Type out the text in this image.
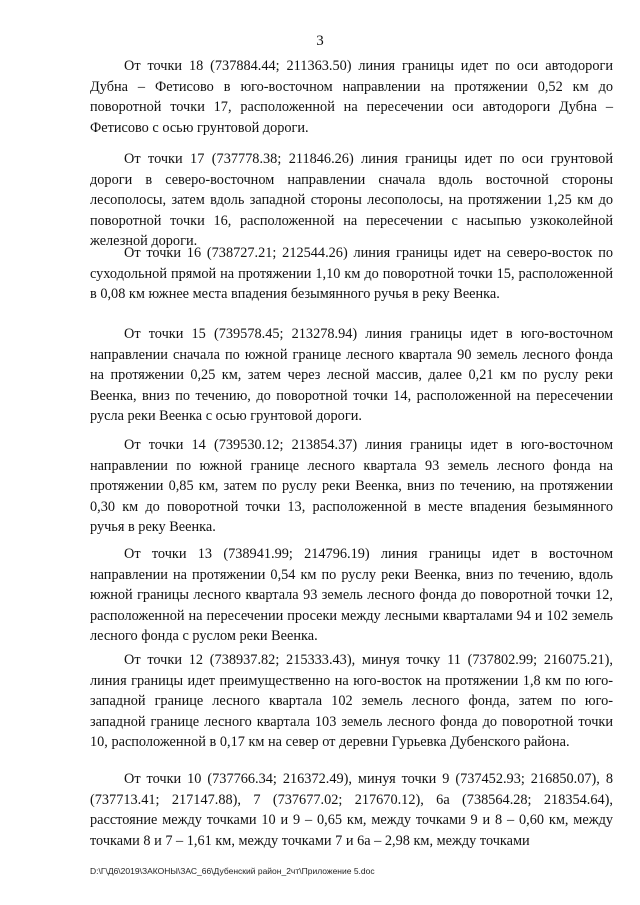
3

От точки 18 (737884.44; 211363.50) линия границы идет по оси автодороги Дубна – Фетисово в юго-восточном направлении на протяжении 0,52 км до поворотной точки 17, расположенной на пересечении оси автодороги Дубна – Фетисово с осью грунтовой дороги.

От точки 17 (737778.38; 211846.26) линия границы идет по оси грунтовой дороги в северо-восточном направлении сначала вдоль восточной стороны лесополосы, затем вдоль западной стороны лесополосы, на протяжении 1,25 км до поворотной точки 16, расположенной на пересечении с насыпью узкоколейной железной дороги.

От точки 16 (738727.21; 212544.26) линия границы идет на северо-восток по суходольной прямой на протяжении 1,10 км до поворотной точки 15, расположенной в 0,08 км южнее места впадения безымянного ручья в реку Веенка.

От точки 15 (739578.45; 213278.94) линия границы идет в юго-восточном направлении сначала по южной границе лесного квартала 90 земель лесного фонда на протяжении 0,25 км, затем через лесной массив, далее 0,21 км по руслу реки Веенка, вниз по течению, до поворотной точки 14, расположенной на пересечении русла реки Веенка с осью грунтовой дороги.

От точки 14 (739530.12; 213854.37) линия границы идет в юго-восточном направлении по южной границе лесного квартала 93 земель лесного фонда на протяжении 0,85 км, затем по руслу реки Веенка, вниз по течению, на протяжении 0,30 км до поворотной точки 13, расположенной в месте впадения безымянного ручья в реку Веенка.

От точки 13 (738941.99; 214796.19) линия границы идет в восточном направлении на протяжении 0,54 км по руслу реки Веенка, вниз по течению, вдоль южной границы лесного квартала 93 земель лесного фонда до поворотной точки 12, расположенной на пересечении просеки между лесными кварталами 94 и 102 земель лесного фонда с руслом реки Веенка.

От точки 12 (738937.82; 215333.43), минуя точку 11 (737802.99; 216075.21), линия границы идет преимущественно на юго-восток на протяжении 1,8 км по юго-западной границе лесного квартала 102 земель лесного фонда, затем по юго-западной границе лесного квартала 103 земель лесного фонда до поворотной точки 10, расположенной в 0,17 км на север от деревни Гурьевка Дубенского района.

От точки 10 (737766.34; 216372.49), минуя точки 9 (737452.93; 216850.07), 8 (737713.41; 217147.88), 7 (737677.02; 217670.12), 6а (738564.28; 218354.64), расстояние между точками 10 и 9 – 0,65 км, между точками 9 и 8 – 0,60 км, между точками 8 и 7 – 1,61 км, между точками 7 и 6а – 2,98 км, между точками

D:\Г\Д6\2019\ЗАКОНЫ\ЗАС_66\Дубенский район_2чт\Приложение 5.doc
